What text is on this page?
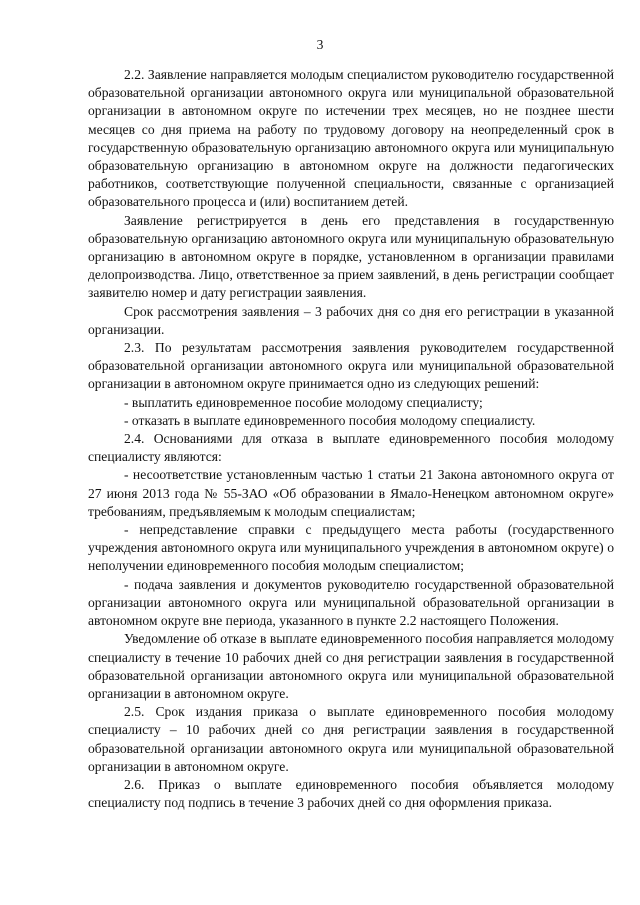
3

2.2. Заявление направляется молодым специалистом руководителю государственной образовательной организации автономного округа или муниципальной образовательной организации в автономном округе по истечении трех месяцев, но не позднее шести месяцев со дня приема на работу по трудовому договору на неопределенный срок в государственную образовательную организацию автономного округа или муниципальную образовательную организацию в автономном округе на должности педагогических работников, соответствующие полученной специальности, связанные с организацией образовательного процесса и (или) воспитанием детей.

Заявление регистрируется в день его представления в государственную образовательную организацию автономного округа или муниципальную образовательную организацию в автономном округе в порядке, установленном в организации правилами делопроизводства. Лицо, ответственное за прием заявлений, в день регистрации сообщает заявителю номер и дату регистрации заявления.

Срок рассмотрения заявления – 3 рабочих дня со дня его регистрации в указанной организации.

2.3. По результатам рассмотрения заявления руководителем государственной образовательной организации автономного округа или муниципальной образовательной организации в автономном округе принимается одно из следующих решений:

- выплатить единовременное пособие молодому специалисту;

- отказать в выплате единовременного пособия молодому специалисту.

2.4. Основаниями для отказа в выплате единовременного пособия молодому специалисту являются:

- несоответствие установленным частью 1 статьи 21 Закона автономного округа от 27 июня 2013 года № 55-ЗАО «Об образовании в Ямало-Ненецком автономном округе» требованиям, предъявляемым к молодым специалистам;

- непредставление справки с предыдущего места работы (государственного учреждения автономного округа или муниципального учреждения в автономном округе) о неполучении единовременного пособия молодым специалистом;

- подача заявления и документов руководителю государственной образовательной организации автономного округа или муниципальной образовательной организации в автономном округе вне периода, указанного в пункте 2.2 настоящего Положения.

Уведомление об отказе в выплате единовременного пособия направляется молодому специалисту в течение 10 рабочих дней со дня регистрации заявления в государственной образовательной организации автономного округа или муниципальной образовательной организации в автономном округе.

2.5. Срок издания приказа о выплате единовременного пособия молодому специалисту – 10 рабочих дней со дня регистрации заявления в государственной образовательной организации автономного округа или муниципальной образовательной организации в автономном округе.

2.6. Приказ о выплате единовременного пособия объявляется молодому специалисту под подпись в течение 3 рабочих дней со дня оформления приказа.
